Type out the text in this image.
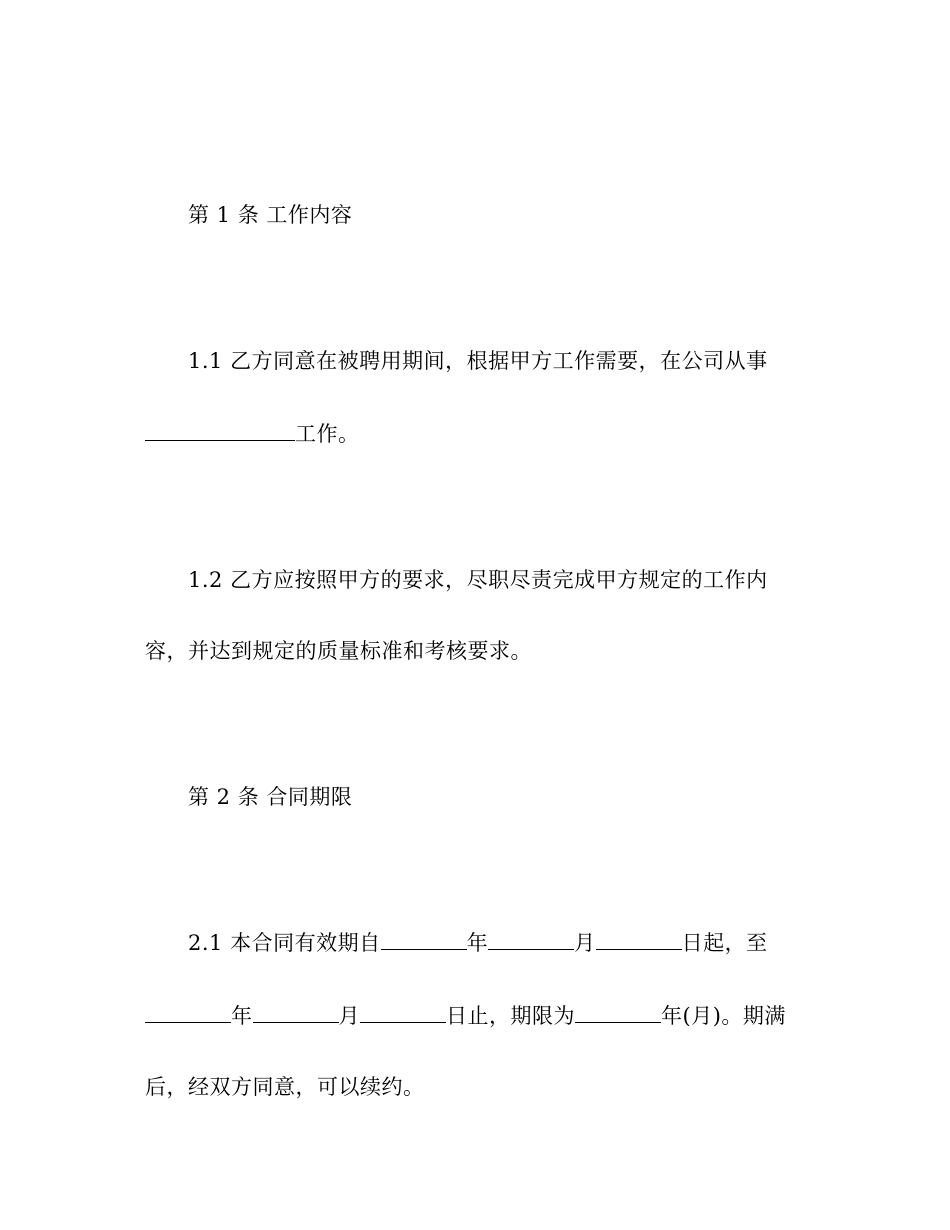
第 1 条 工作内容
1.1 乙方同意在被聘用期间，根据甲方工作需要，在公司从事
工作。
1.2 乙方应按照甲方的要求，尽职尽责完成甲方规定的工作内
容，并达到规定的质量标准和考核要求。
第 2 条 合同期限
2.1 本合同有效期自	年	月	日起，至
年	月	日止，期限为	年(月)。期满
后，经双方同意，可以续约。
